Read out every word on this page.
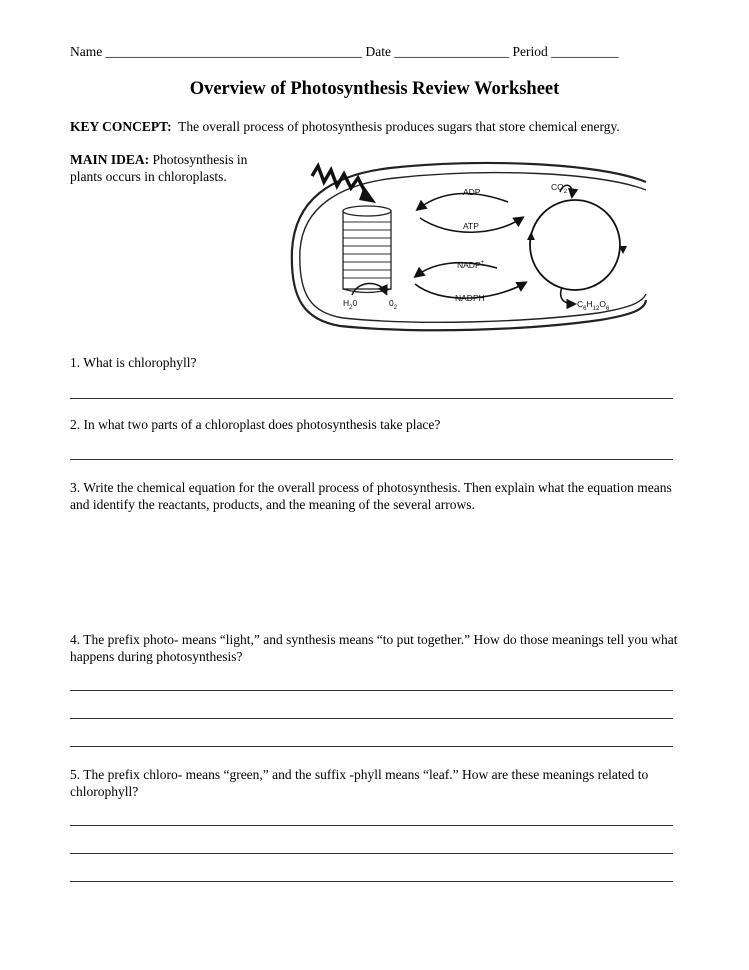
Name ______________________________________ Date _________________ Period __________
Overview of Photosynthesis Review Worksheet
KEY CONCEPT: The overall process of photosynthesis produces sugars that store chemical energy.
MAIN IDEA: Photosynthesis in plants occurs in chloroplasts.
ADP
ATP
NADP+
NADPH
$CO_2$
$H_20$	$0_2$	$C_6H_{12}O_6$
1. What is chlorophyll?
2. In what two parts of a chloroplast does photosynthesis take place?
3. Write the chemical equation for the overall process of photosynthesis. Then explain what the equation means and identify the reactants, products, and the meaning of the several arrows.
4. The prefix photo- means “light,” and synthesis means “to put together.” How do those meanings tell you what happens during photosynthesis?
5. The prefix chloro- means “green,” and the suffix -phyll means “leaf.” How are these meanings related to chlorophyll?
